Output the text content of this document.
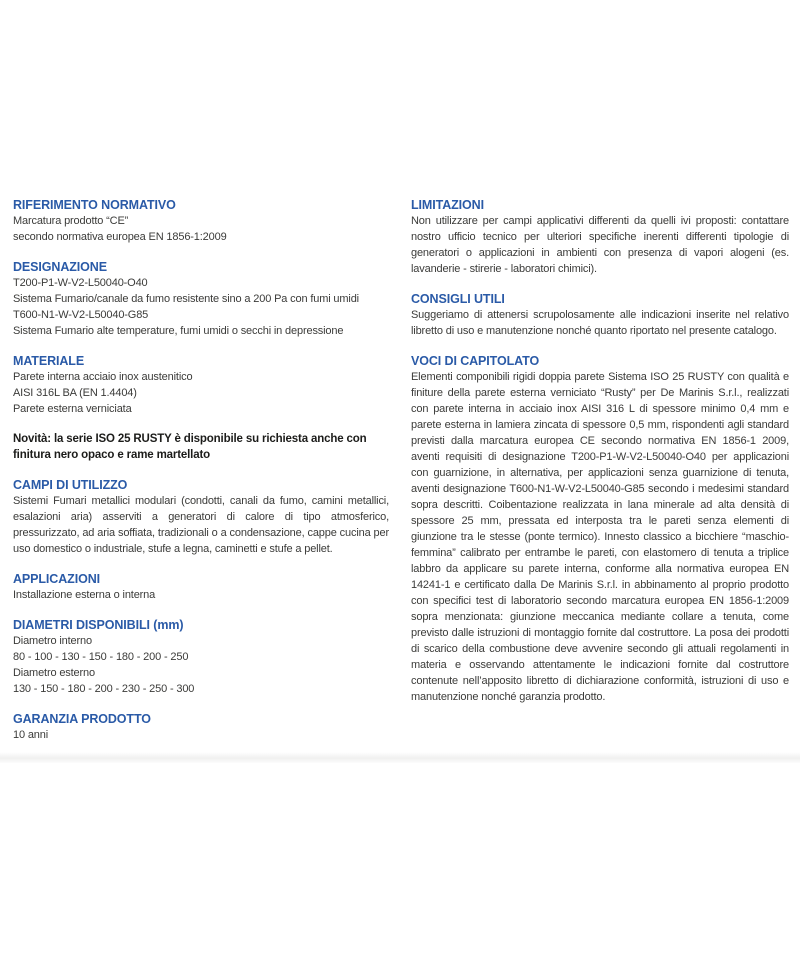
RIFERIMENTO NORMATIVO
Marcatura prodotto “CE”
secondo normativa europea EN 1856-1:2009
DESIGNAZIONE
T200-P1-W-V2-L50040-O40
Sistema Fumario/canale da fumo resistente sino a 200 Pa con fumi umidi
T600-N1-W-V2-L50040-G85
Sistema Fumario alte temperature, fumi umidi o secchi in depressione
MATERIALE
Parete interna acciaio inox austenitico
AISI 316L BA (EN 1.4404)
Parete esterna verniciata

Novità: la serie ISO 25 RUSTY è disponibile su richiesta anche con finitura nero opaco e rame martellato

CAMPI DI UTILIZZO

Sistemi Fumari metallici modulari (condotti, canali da fumo, camini metallici, esalazioni aria) asserviti a generatori di calore di tipo atmosferico, pressurizzato, ad aria soffiata, tradizionali o a condensazione, cappe cucina per uso domestico o industriale, stufe a legna, caminetti e stufe a pellet.

APPLICAZIONI
Installazione esterna o interna
DIAMETRI DISPONIBILI (mm)
Diametro interno
80 - 100 - 130 - 150 - 180 - 200 - 250
Diametro esterno
130 - 150 - 180 - 200 - 230 - 250 - 300
GARANZIA PRODOTTO
10 anni
LIMITAZIONI

Non utilizzare per campi applicativi differenti da quelli ivi proposti: contattare nostro ufficio tecnico per ulteriori specifiche inerenti differenti tipologie di generatori o applicazioni in ambienti con presenza di vapori alogeni (es. lavanderie - stirerie - laboratori chimici).

CONSIGLI UTILI

Suggeriamo di attenersi scrupolosamente alle indicazioni inserite nel relativo libretto di uso e manutenzione nonché quanto riportato nel presente catalogo.

VOCI DI CAPITOLATO

Elementi componibili rigidi doppia parete Sistema ISO 25 RUSTY con qualità e finiture della parete esterna verniciato “Rusty” per De Marinis S.r.l., realizzati con parete interna in acciaio inox AISI 316 L di spessore minimo 0,4 mm e parete esterna in lamiera zincata di spessore 0,5 mm, rispondenti agli standard previsti dalla marcatura europea CE secondo normativa EN 1856-1 2009, aventi requisiti di designazione T200-P1-W-V2-L50040-O40 per applicazioni con guarnizione, in alternativa, per applicazioni senza guarnizione di tenuta, aventi designazione T600-N1-W-V2-L50040-G85 secondo i medesimi standard sopra descritti. Coibentazione realizzata in lana minerale ad alta densità di spessore 25 mm, pressata ed interposta tra le pareti senza elementi di giunzione tra le stesse (ponte termico). Innesto classico a bicchiere “maschio-femmina” calibrato per entrambe le pareti, con elastomero di tenuta a triplice labbro da applicare su parete interna, conforme alla normativa europea EN 14241-1 e certificato dalla De Marinis S.r.l. in abbinamento al proprio prodotto con specifici test di laboratorio secondo marcatura europea EN 1856-1:2009 sopra menzionata: giunzione meccanica mediante collare a tenuta, come previsto dalle istruzioni di montaggio fornite dal costruttore. La posa dei prodotti di scarico della combustione deve avvenire secondo gli attuali regolamenti in materia e osservando attentamente le indicazioni fornite dal costruttore contenute nell’apposito libretto di dichiarazione conformità, istruzioni di uso e manutenzione nonché garanzia prodotto.
